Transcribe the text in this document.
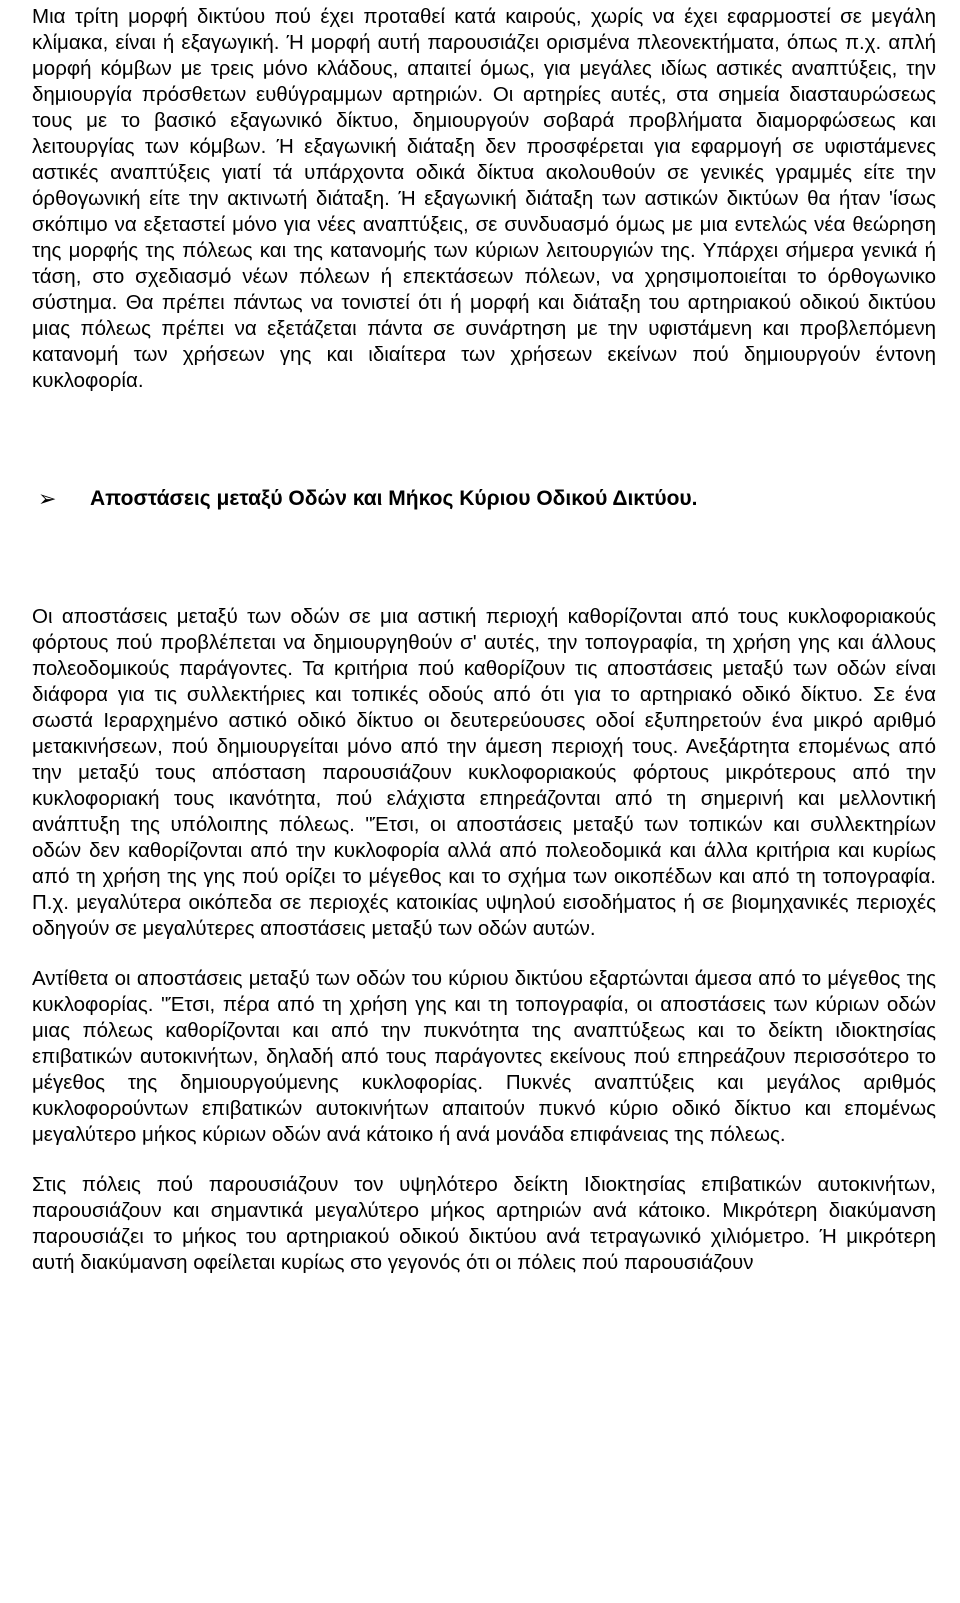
Μια τρίτη μορφή δικτύου πού έχει προταθεί κατά καιρούς, χωρίς να έχει εφαρμοστεί σε μεγάλη κλίμακα, είναι ή εξαγωγική. Ή μορφή αυτή παρουσιάζει ορισμένα πλεονεκτήματα, όπως π.χ. απλή μορφή κόμβων με τρεις μόνο κλάδους, απαιτεί όμως, για μεγάλες ιδίως αστικές αναπτύξεις, την δημιουργία πρόσθετων ευθύγραμμων αρτηριών. Οι αρτηρίες αυτές, στα σημεία διασταυρώσεως τους με το βασικό εξαγωνικό δίκτυο, δημιουργούν σοβαρά προβλήματα διαμορφώσεως και λειτουργίας των κόμβων. Ή εξαγωνική διάταξη δεν προσφέρεται για εφαρμογή σε υφιστάμενες αστικές αναπτύξεις γιατί τά υπάρχοντα οδικά δίκτυα ακολουθούν σε γενικές γραμμές είτε την όρθογωνική είτε την ακτινωτή διάταξη. Ή εξαγωνική διάταξη των αστικών δικτύων θα ήταν 'ίσως σκόπιμο να εξεταστεί μόνο για νέες αναπτύξεις, σε συνδυασμό όμως με μια εντελώς νέα θεώρηση της μορφής της πόλεως και της κατανομής των κύριων λειτουργιών της. Υπάρχει σήμερα γενικά ή τάση, στο σχεδιασμό νέων πόλεων ή επεκτάσεων πόλεων, να χρησιμοποιείται το όρθογωνικο σύστημα. Θα πρέπει πάντως να τονιστεί ότι ή μορφή και διάταξη του αρτηριακού οδικού δικτύου μιας πόλεως πρέπει να εξετάζεται πάντα σε συνάρτηση με την υφιστάμενη και προβλεπόμενη κατανομή των χρήσεων γης και ιδιαίτερα των χρήσεων εκείνων πού δημιουργούν έντονη κυκλοφορία.

➢	Αποστάσεις μεταξύ Οδών και Μήκος Κύριου Οδικού Δικτύου.

Οι αποστάσεις μεταξύ των οδών σε μια αστική περιοχή καθορίζονται από τους κυκλοφοριακούς φόρτους πού προβλέπεται να δημιουργηθούν σ' αυτές, την τοπογραφία, τη χρήση γης και άλλους πολεοδομικούς παράγοντες. Τα κριτήρια πού καθορίζουν τις αποστάσεις μεταξύ των οδών είναι διάφορα για τις συλλεκτήριες και τοπικές οδούς από ότι για το αρτηριακό οδικό δίκτυο. Σε ένα σωστά Ιεραρχημένο αστικό οδικό δίκτυο οι δευτερεύουσες οδοί εξυπηρετούν ένα μικρό αριθμό μετακινήσεων, πού δημιουργείται μόνο από την άμεση περιοχή τους. Ανεξάρτητα επομένως από την μεταξύ τους απόσταση παρουσιάζουν κυκλοφοριακούς φόρτους μικρότερους από την κυκλοφοριακή τους ικανότητα, πού ελάχιστα επηρεάζονται από τη σημερινή και μελλοντική ανάπτυξη της υπόλοιπης πόλεως. "Έτσι, οι αποστάσεις μεταξύ των τοπικών και συλλεκτηρίων οδών δεν καθορίζονται από την κυκλοφορία αλλά από πολεοδομικά και άλλα κριτήρια και κυρίως από τη χρήση της γης πού ορίζει το μέγεθος και το σχήμα των οικοπέδων και από τη τοπογραφία. Π.χ. μεγαλύτερα οικόπεδα σε περιοχές κατοικίας υψηλού εισοδήματος ή σε βιομηχανικές περιοχές οδηγούν σε μεγαλύτερες αποστάσεις μεταξύ των οδών αυτών.

Αντίθετα οι αποστάσεις μεταξύ των οδών του κύριου δικτύου εξαρτώνται άμεσα από το μέγεθος της κυκλοφορίας. "Έτσι, πέρα από τη χρήση γης και τη τοπογραφία, οι αποστάσεις των κύριων οδών μιας πόλεως καθορίζονται και από την πυκνότητα της αναπτύξεως και το δείκτη ιδιοκτησίας επιβατικών αυτοκινήτων, δηλαδή από τους παράγοντες εκείνους πού επηρεάζουν περισσότερο το μέγεθος της δημιουργούμενης κυκλοφορίας. Πυκνές αναπτύξεις και μεγάλος αριθμός κυκλοφορούντων επιβατικών αυτοκινήτων απαιτούν πυκνό κύριο οδικό δίκτυο και επομένως μεγαλύτερο μήκος κύριων οδών ανά κάτοικο ή ανά μονάδα επιφάνειας της πόλεως.

Στις πόλεις πού παρουσιάζουν τον υψηλότερο δείκτη Ιδιοκτησίας επιβατικών αυτοκινήτων, παρουσιάζουν και σημαντικά μεγαλύτερο μήκος αρτηριών ανά κάτοικο. Μικρότερη διακύμανση παρουσιάζει το μήκος του αρτηριακού οδικού δικτύου ανά τετραγωνικό χιλιόμετρο. Ή μικρότερη αυτή διακύμανση οφείλεται κυρίως στο γεγονός ότι οι πόλεις πού παρουσιάζουν
